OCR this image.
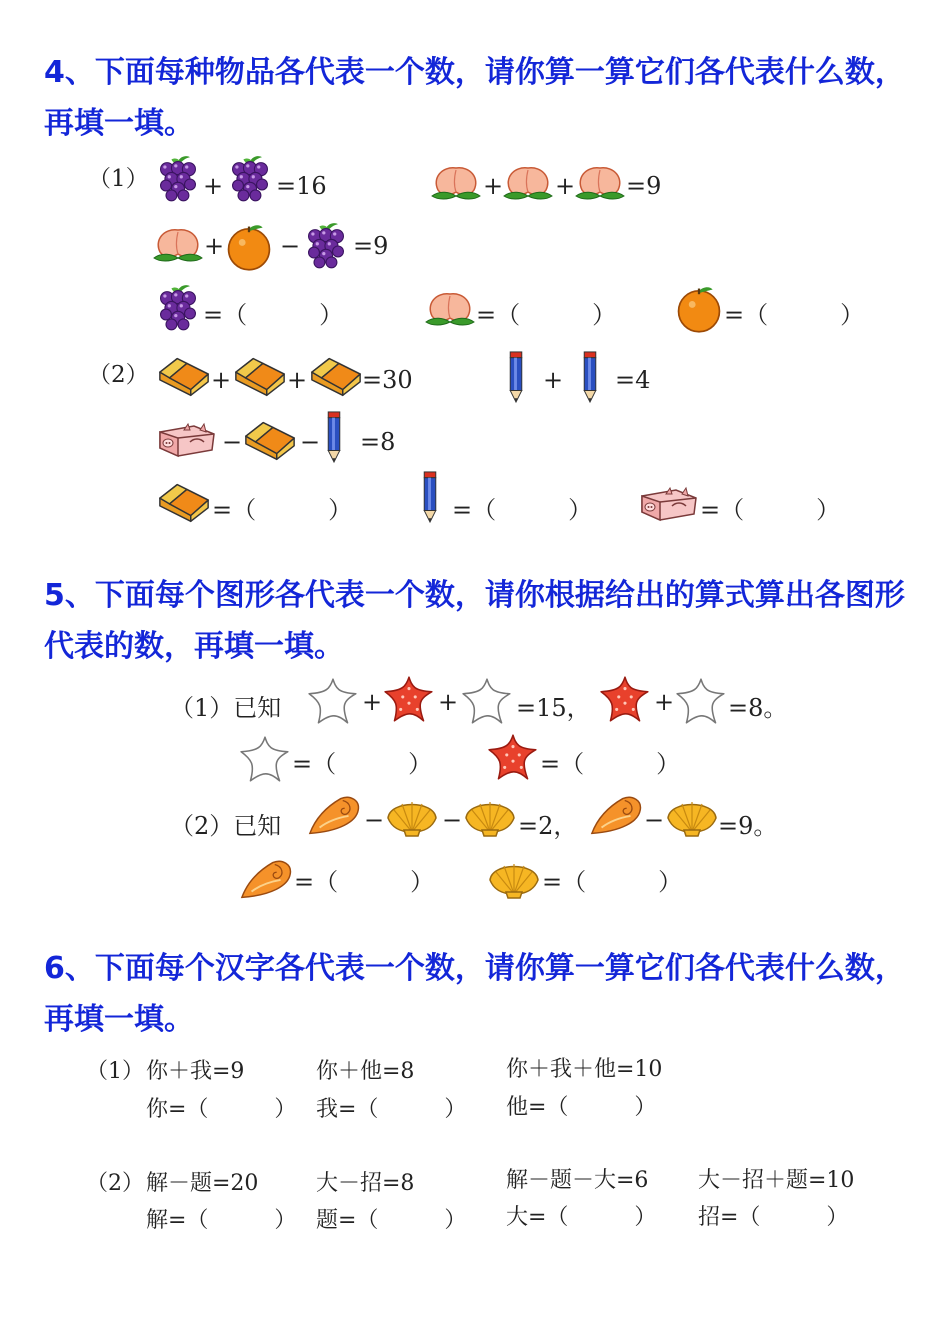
4、下面每种物品各代表一个数，请你算一算它们各代表什么数，再填一填。
（1） + =16	+ + =9
+ − =9
=（　　　）	=（　　　）	=（　　　）
（2）	+ + =30	+ =4
− − =8
=（　　　）	=（　　　）	=（　　　）
5、下面每个图形各代表一个数，请你根据给出的算式算出各图形代表的数，再填一填。
（1）已知	+ + =15，	+ =8。
=（　　　）	=（　　　）
（2）已知	− − =2，	− =9。
=（　　　）	=（　　　）
6、下面每个汉字各代表一个数，请你算一算它们各代表什么数，再填一填。
（1） 你＋我=9	你＋他=8	你＋我＋他=10
你=（　　　） 我=（　　　） 他=（　　　）
（2） 解－题=20	大－招=8	解－题－大=6 大－招＋题=10
解=（　　　） 题=（　　　） 大=（　　　） 招=（　　　）
